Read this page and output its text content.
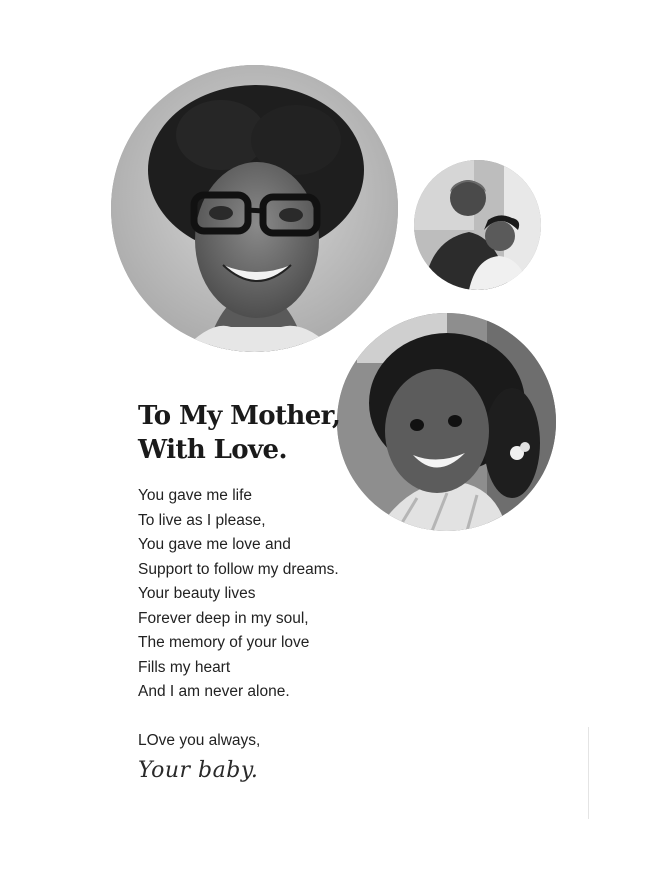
To My Mother,
With Love.
You gave me life
To live as I please,
You gave me love and
Support to follow my dreams.
Your beauty lives
Forever deep in my soul,
The memory of your love
Fills my heart
And I am never alone.
LOve you always,
Your baby.
